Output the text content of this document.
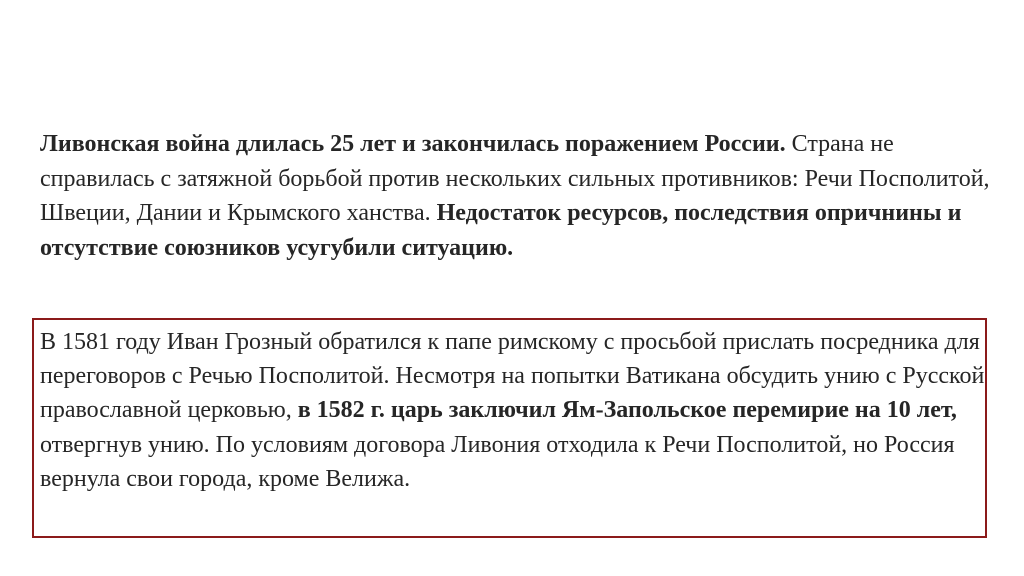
Ливонская война длилась 25 лет и закончилась поражением России. Страна не справилась с затяжной борьбой против нескольких сильных противников: Речи Посполитой, Швеции, Дании и Крымского ханства. Недостаток ресурсов, последствия опричнины и отсутствие союзников усугубили ситуацию.

В 1581 году Иван Грозный обратился к папе римскому с просьбой прислать посредника для переговоров с Речью Посполитой. Несмотря на попытки Ватикана обсудить унию с Русской православной церковью, в 1582 г. царь заключил Ям-Запольское перемирие на 10 лет, отвергнув унию. По условиям договора Ливония отходила к Речи Посполитой, но Россия вернула свои города, кроме Велижа.
